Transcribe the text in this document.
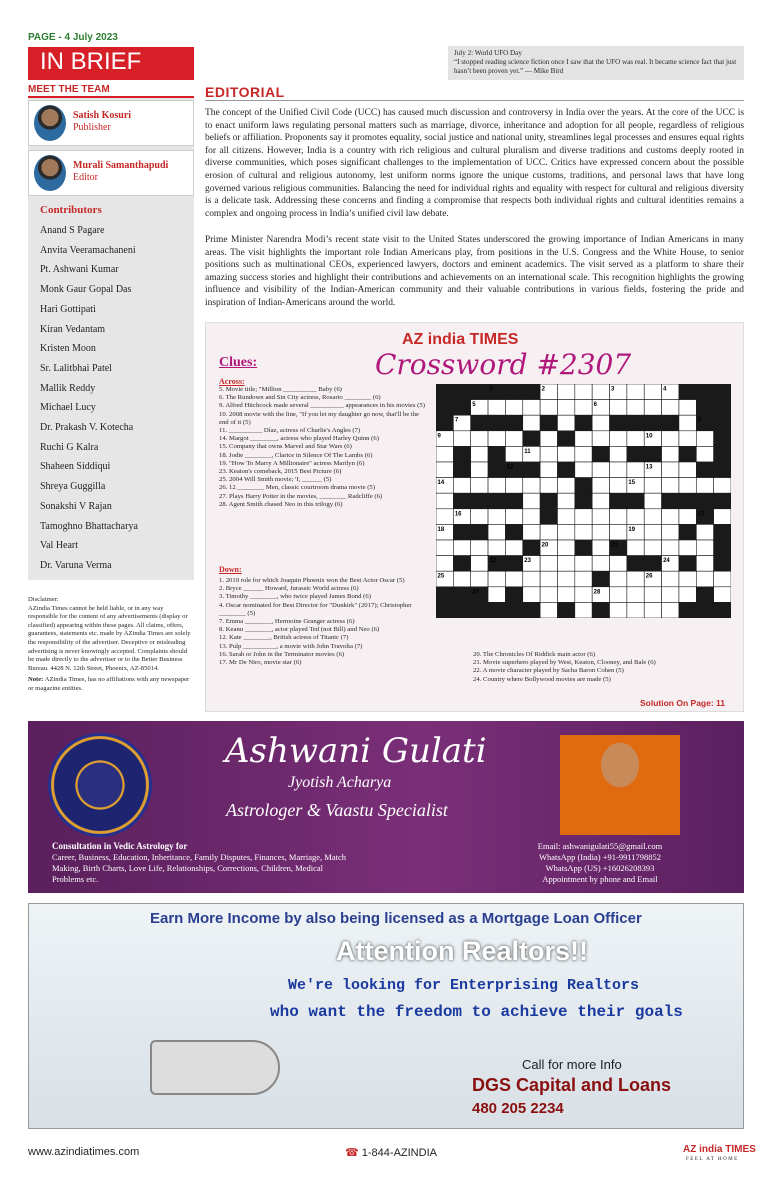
PAGE - 4 July 2023
IN BRIEF	July 2: World UFO Day
“I stopped reading science fiction once I saw that the UFO was real. It became science fact that just hasn’t been proven yet.” — Mike Bird
MEET THE TEAM
Satish Kosuri
Publisher
Murali Samanthapudi
Editor
Contributors
Anand S Pagare
Anvita Veeramachaneni
Pt. Ashwani Kumar
Monk Gaur Gopal Das
Hari Gottipati
Kiran Vedantam
Kristen Moon
Sr. Lalitbhai Patel
Mallik Reddy
Michael Lucy
Dr. Prakash V. Kotecha
Ruchi G Kalra
Shaheen Siddiqui
Shreya Guggilla
Sonakshi V Rajan
Tamoghno Bhattacharya
Val Heart
Dr. Varuna Verma
Disclaimer:
AZindia Times cannot be held liable, or in any way responsible for the content of any advertisements (display or classified) appearing within these pages. All claims, offers, guarantees, statements etc. made by AZindia Times are solely the responsibility of the advertiser. Deceptive or misleading advertising is never knowingly accepted. Complaints should be made directly to the advertiser or to the Better Business Bureau. 4428 N. 12th Street, Phoenix, AZ-85014.
Note: AZindia Times, has no affiliations with any newspaper or magazine entities.
EDITORIAL
The concept of the Unified Civil Code (UCC) has caused much discussion and controversy in India over the years. At the core of the UCC is to enact uniform laws regulating personal matters such as marriage, divorce, inheritance and adoption for all people, regardless of religious beliefs or affiliation. Proponents say it promotes equality, social justice and national unity, streamlines legal processes and ensures equal rights for all citizens. However, India is a country with rich religious and cultural pluralism and diverse traditions and customs deeply rooted in diverse communities, which poses significant challenges to the implementation of UCC. Critics have expressed concern about the possible erosion of cultural and religious autonomy, lest uniform norms ignore the unique customs, traditions, and personal laws that have long governed various religious communities. Balancing the need for individual rights and equality with respect for cultural and religious diversity is a delicate task. Addressing these concerns and finding a compromise that respects both individual rights and cultural identities remains a complex and ongoing process in India’s unified civil law debate.
Prime Minister Narendra Modi’s recent state visit to the United States underscored the growing importance of Indian Americans in many areas. The visit highlights the important role Indian Americans play, from positions in the U.S. Congress and the White House, to senior positions such as multinational CEOs, experienced lawyers, doctors and eminent academics. The visit served as a platform to share their amazing success stories and highlight their contributions and achievements on an international scale. This recognition highlights the growing influence and visibility of the Indian-American community and their valuable contributions in various fields, fostering the pride and inspiration of Indian-Americans around the world.
AZ india TIMES
Crossword #2307
Clues:
Across:
5. Movie title; "Million __________ Baby (6)
6. The Rundown and Sin City actress, Rosario ________ (6)
9. Alfred Hitchcock made several __________ appearances in his movies (5)
10. 2008 movie with the line, "If you let my daughter go now, that'll be the end of it (5)
11. __________ Díaz, actress of Charlie's Angles (7)
14. Margot ________, actress who played Harley Quinn (6)
15. Company that owns Marvel and Star Wars (6)
18. Jodie ________, Clarice in Silence Of The Lambs (6)
19. "How To Marry A Millionaire" actress Marilyn (6)
23. Keaton's comeback, 2015 Best Picture (6)
25. 2004 Will Smith movie; 'I, ______ (5)
26. 12 ________ Men, classic courtroom drama movie (5)
27. Plays Harry Potter in the movies, ________ Radcliffe (6)
28. Agent Smith chased Neo in this trilogy (6)
Down:
1. 2019 role for which Joaquin Phoenix won the Best Actor Oscar (5)
2. Bryce ______ Howard, Jurassic World actress (6)
3. Timothy ________, who twice played James Bond (6)
4. Oscar nominated for Best Director for "Dunkirk" (2017); Christopher ________ (5)
7. Emma ________, Hermoine Granger actress (6)
8. Keanu ________, actor played Ted (not Bill) and Neo (6)
12. Kate ________, British actress of Titanic (7)
13. Pulp __________, a movie with John Travolta (7)
16. Sarah or John in the Terminator movies (6)
17. Mr De Niro, movie star (6)
20. The Chronicles Of Riddick main actor (6)
21. Movie superhero played by West, Keaton, Clooney, and Bale (6)
22. A movie character played by Sacha Baron Cohen (5)
24. Country where Bollywood movies are made (5)
Solution On Page: 11
1	2	3	4
5	6
7	8
9	10
11
12	13
14	15
16	17
18	19
20	21
22	23	24
25	26
27	28
Ashwani Gulati
Jyotish Acharya
Astrologer & Vaastu Specialist
Consultation in Vedic Astrology for
Career, Business, Education, Inheritance, Family Disputes, Finances, Marriage, Match Making, Birth Charts, Love Life, Relationships, Corrections, Children, Medical Problems etc.
Email: ashwanigulati55@gmail.com
WhatsApp (India) +91-9911798852
WhatsApp (US) +16026208393
Appointment by phone and Email
Earn More Income by also being licensed as a Mortgage Loan Officer
Attention Realtors!!
We're looking for Enterprising Realtors
who want the freedom to achieve their goals
Call for more Info
DGS Capital and Loans
480 205 2234
www.azindiatimes.com	☎ 1-844-AZINDIA	AZ india TIMES
FEEL AT HOME
